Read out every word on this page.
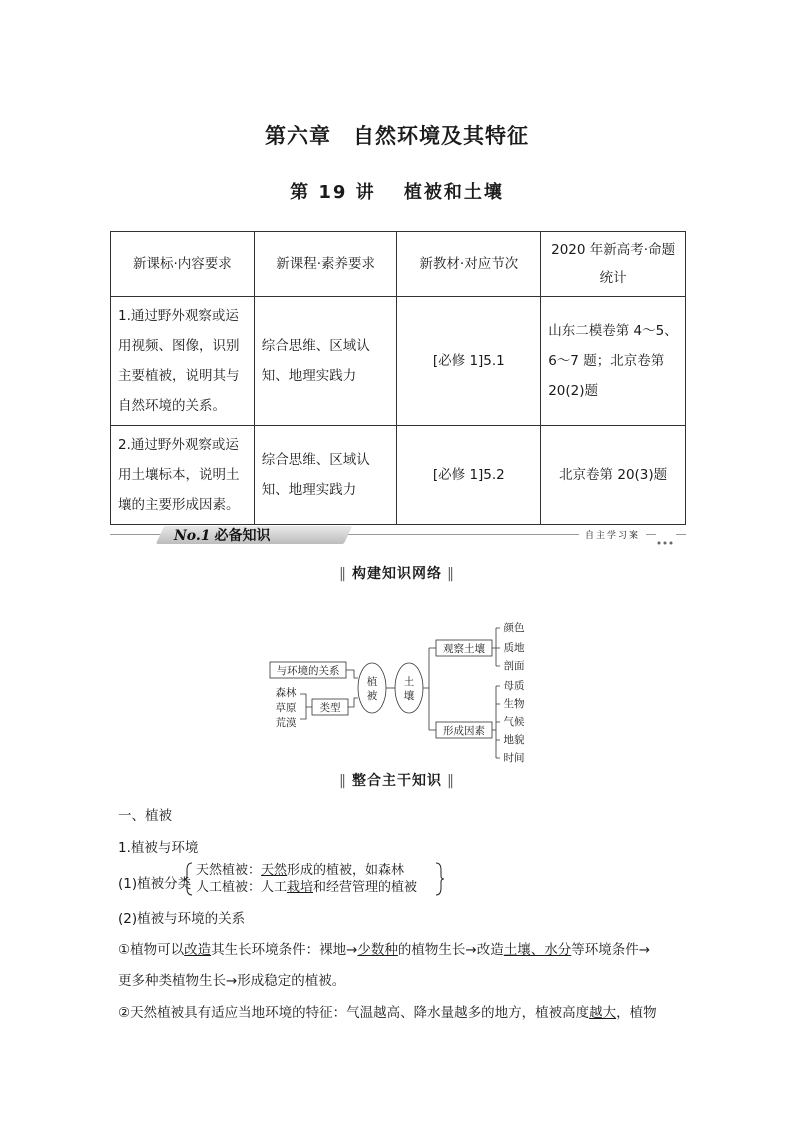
第六章　自然环境及其特征
第 19 讲　 植被和土壤
新课标·内容要求	新课程·素养要求	新教材·对应节次	2020 年新高考·命题统计
1.通过野外观察或运用视频、图像，识别主要植被，说明其与自然环境的关系。	综合思维、区域认知、地理实践力	[必修 1]5.1	山东二模卷第 4～5、6～7 题；北京卷第 20(2)题
2.通过野外观察或运用土壤标本，说明土壤的主要形成因素。	综合思维、区域认知、地理实践力	[必修 1]5.2	北京卷第 20(3)题
No.1 必备知识	自主学习案
‖ 构建知识网络 ‖
与环境的关系
类型
植
被
土
壤
观察土壤
形成因素
森林
草原
荒漠
颜色
质地
剖面
母质
生物
气候
地貌
时间
‖ 整合主干知识 ‖
一、植被
1.植被与环境
(1)植被分类
天然植被：天然形成的植被，如森林
人工植被：人工栽培和经营管理的植被
(2)植被与环境的关系
①植物可以改造其生长环境条件：裸地→少数种的植物生长→改造土壤、水分等环境条件→
更多种类植物生长→形成稳定的植被。
②天然植被具有适应当地环境的特征：气温越高、降水量越多的地方，植被高度越大，植物
